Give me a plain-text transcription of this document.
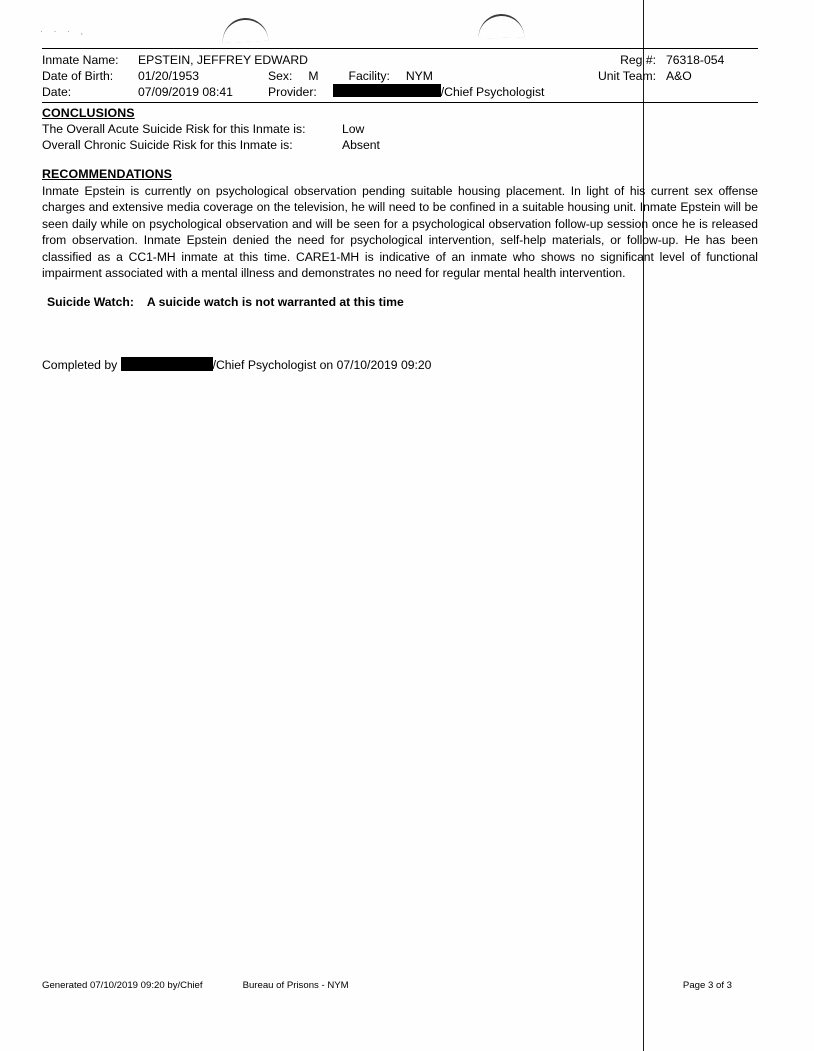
· · · ,
Inmate Name:	EPSTEIN, JEFFREY EDWARD	Reg #: 76318-054
Date of Birth:	01/20/1953	Sex: M Facility: NYM	Unit Team: A&O
Date:	07/09/2019 08:41	Provider:	/Chief Psychologist
CONCLUSIONS
The Overall Acute Suicide Risk for this Inmate is:	Low
Overall Chronic Suicide Risk for this Inmate is:	Absent
RECOMMENDATIONS

Inmate Epstein is currently on psychological observation pending suitable housing placement. In light of his current sex offense charges and extensive media coverage on the television, he will need to be confined in a suitable housing unit. Inmate Epstein will be seen daily while on psychological observation and will be seen for a psychological observation follow-up session once he is released from observation. Inmate Epstein denied the need for psychological intervention, self-help materials, or follow-up. He has been classified as a CC1-MH inmate at this time. CARE1-MH is indicative of an inmate who shows no significant level of functional impairment associated with a mental illness and demonstrates no need for regular mental health intervention.

Suicide Watch: A suicide watch is not warranted at this time
Completed by	/Chief Psychologist on 07/10/2019 09:20
Generated 07/10/2019 09:20 by /Chief	Bureau of Prisons - NYM	Page 3 of 3
